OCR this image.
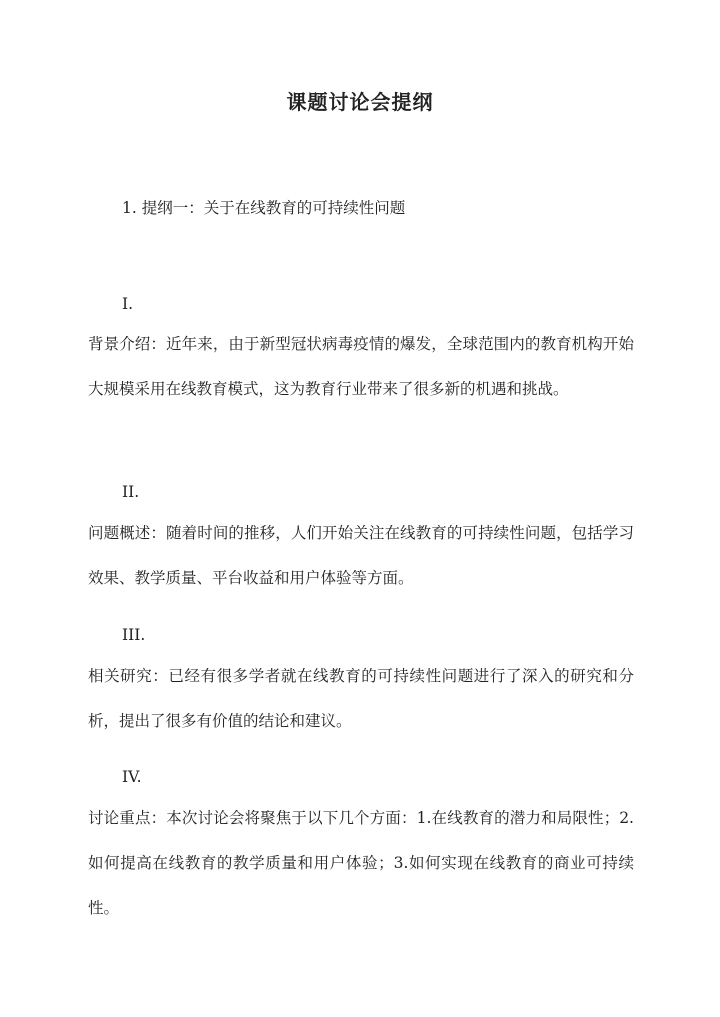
课题讨论会提纲
1. 提纲一：关于在线教育的可持续性问题
I.
背景介绍：近年来，由于新型冠状病毒疫情的爆发，全球范围内的教育机构开始大规模采用在线教育模式，这为教育行业带来了很多新的机遇和挑战。
II.
问题概述：随着时间的推移，人们开始关注在线教育的可持续性问题，包括学习效果、教学质量、平台收益和用户体验等方面。
III.
相关研究：已经有很多学者就在线教育的可持续性问题进行了深入的研究和分析，提出了很多有价值的结论和建议。
IV.
讨论重点：本次讨论会将聚焦于以下几个方面：1.在线教育的潜力和局限性；2.如何提高在线教育的教学质量和用户体验；3.如何实现在线教育的商业可持续性。
